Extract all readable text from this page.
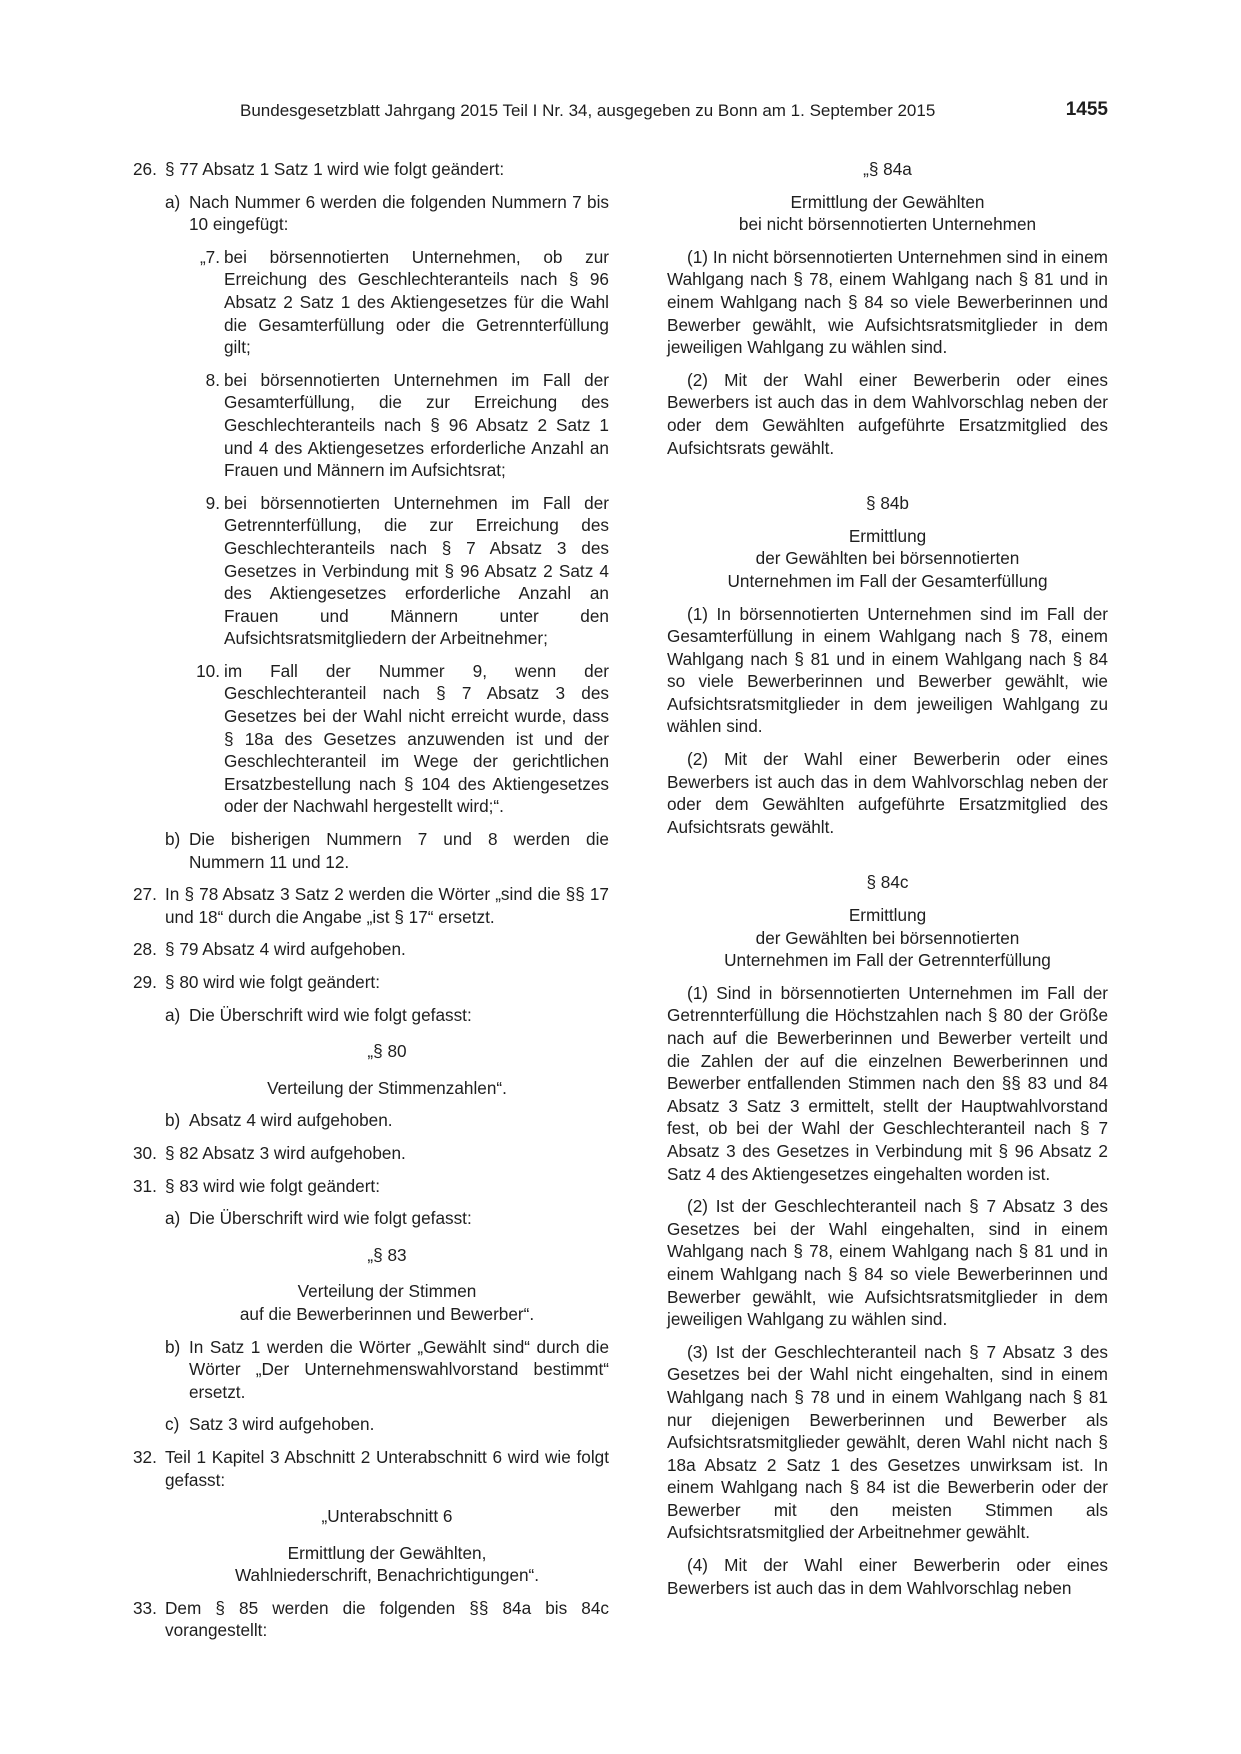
Bundesgesetzblatt Jahrgang 2015 Teil I Nr. 34, ausgegeben zu Bonn am 1. September 2015	1455
26. § 77 Absatz 1 Satz 1 wird wie folgt geändert:
a) Nach Nummer 6 werden die folgenden Nummern 7 bis 10 eingefügt:
„7. bei börsennotierten Unternehmen, ob zur Erreichung des Geschlechteranteils nach § 96 Absatz 2 Satz 1 des Aktiengesetzes für die Wahl die Gesamterfüllung oder die Getrennterfüllung gilt;
8. bei börsennotierten Unternehmen im Fall der Gesamterfüllung, die zur Erreichung des Geschlechteranteils nach § 96 Absatz 2 Satz 1 und 4 des Aktiengesetzes erforderliche Anzahl an Frauen und Männern im Aufsichtsrat;
9. bei börsennotierten Unternehmen im Fall der Getrennterfüllung, die zur Erreichung des Geschlechteranteils nach § 7 Absatz 3 des Gesetzes in Verbindung mit § 96 Absatz 2 Satz 4 des Aktiengesetzes erforderliche Anzahl an Frauen und Männern unter den Aufsichtsratsmitgliedern der Arbeitnehmer;
10. im Fall der Nummer 9, wenn der Geschlechteranteil nach § 7 Absatz 3 des Gesetzes bei der Wahl nicht erreicht wurde, dass § 18a des Gesetzes anzuwenden ist und der Geschlechteranteil im Wege der gerichtlichen Ersatzbestellung nach § 104 des Aktiengesetzes oder der Nachwahl hergestellt wird;“.
b) Die bisherigen Nummern 7 und 8 werden die Nummern 11 und 12.
27. In § 78 Absatz 3 Satz 2 werden die Wörter „sind die §§ 17 und 18“ durch die Angabe „ist § 17“ ersetzt.
28. § 79 Absatz 4 wird aufgehoben.
29. § 80 wird wie folgt geändert:
a) Die Überschrift wird wie folgt gefasst:
„§ 80
Verteilung der Stimmenzahlen“.
b) Absatz 4 wird aufgehoben.
30. § 82 Absatz 3 wird aufgehoben.
31. § 83 wird wie folgt geändert:
a) Die Überschrift wird wie folgt gefasst:
„§ 83
Verteilung der Stimmen
auf die Bewerberinnen und Bewerber“.
b) In Satz 1 werden die Wörter „Gewählt sind“ durch die Wörter „Der Unternehmenswahlvorstand bestimmt“ ersetzt.
c) Satz 3 wird aufgehoben.
32. Teil 1 Kapitel 3 Abschnitt 2 Unterabschnitt 6 wird wie folgt gefasst:
„Unterabschnitt 6
Ermittlung der Gewählten,
Wahlniederschrift, Benachrichtigungen“.
33. Dem § 85 werden die folgenden §§ 84a bis 84c vorangestellt:
„§ 84a
Ermittlung der Gewählten
bei nicht börsennotierten Unternehmen
(1) In nicht börsennotierten Unternehmen sind in einem Wahlgang nach § 78, einem Wahlgang nach § 81 und in einem Wahlgang nach § 84 so viele Bewerberinnen und Bewerber gewählt, wie Aufsichtsratsmitglieder in dem jeweiligen Wahlgang zu wählen sind.
(2) Mit der Wahl einer Bewerberin oder eines Bewerbers ist auch das in dem Wahlvorschlag neben der oder dem Gewählten aufgeführte Ersatzmitglied des Aufsichtsrats gewählt.
§ 84b
Ermittlung
der Gewählten bei börsennotierten
Unternehmen im Fall der Gesamterfüllung
(1) In börsennotierten Unternehmen sind im Fall der Gesamterfüllung in einem Wahlgang nach § 78, einem Wahlgang nach § 81 und in einem Wahlgang nach § 84 so viele Bewerberinnen und Bewerber gewählt, wie Aufsichtsratsmitglieder in dem jeweiligen Wahlgang zu wählen sind.
(2) Mit der Wahl einer Bewerberin oder eines Bewerbers ist auch das in dem Wahlvorschlag neben der oder dem Gewählten aufgeführte Ersatzmitglied des Aufsichtsrats gewählt.
§ 84c
Ermittlung
der Gewählten bei börsennotierten
Unternehmen im Fall der Getrennterfüllung
(1) Sind in börsennotierten Unternehmen im Fall der Getrennterfüllung die Höchstzahlen nach § 80 der Größe nach auf die Bewerberinnen und Bewerber verteilt und die Zahlen der auf die einzelnen Bewerberinnen und Bewerber entfallenden Stimmen nach den §§ 83 und 84 Absatz 3 Satz 3 ermittelt, stellt der Hauptwahlvorstand fest, ob bei der Wahl der Geschlechteranteil nach § 7 Absatz 3 des Gesetzes in Verbindung mit § 96 Absatz 2 Satz 4 des Aktiengesetzes eingehalten worden ist.
(2) Ist der Geschlechteranteil nach § 7 Absatz 3 des Gesetzes bei der Wahl eingehalten, sind in einem Wahlgang nach § 78, einem Wahlgang nach § 81 und in einem Wahlgang nach § 84 so viele Bewerberinnen und Bewerber gewählt, wie Aufsichtsratsmitglieder in dem jeweiligen Wahlgang zu wählen sind.
(3) Ist der Geschlechteranteil nach § 7 Absatz 3 des Gesetzes bei der Wahl nicht eingehalten, sind in einem Wahlgang nach § 78 und in einem Wahlgang nach § 81 nur diejenigen Bewerberinnen und Bewerber als Aufsichtsratsmitglieder gewählt, deren Wahl nicht nach § 18a Absatz 2 Satz 1 des Gesetzes unwirksam ist. In einem Wahlgang nach § 84 ist die Bewerberin oder der Bewerber mit den meisten Stimmen als Aufsichtsratsmitglied der Arbeitnehmer gewählt.
(4) Mit der Wahl einer Bewerberin oder eines Bewerbers ist auch das in dem Wahlvorschlag neben
